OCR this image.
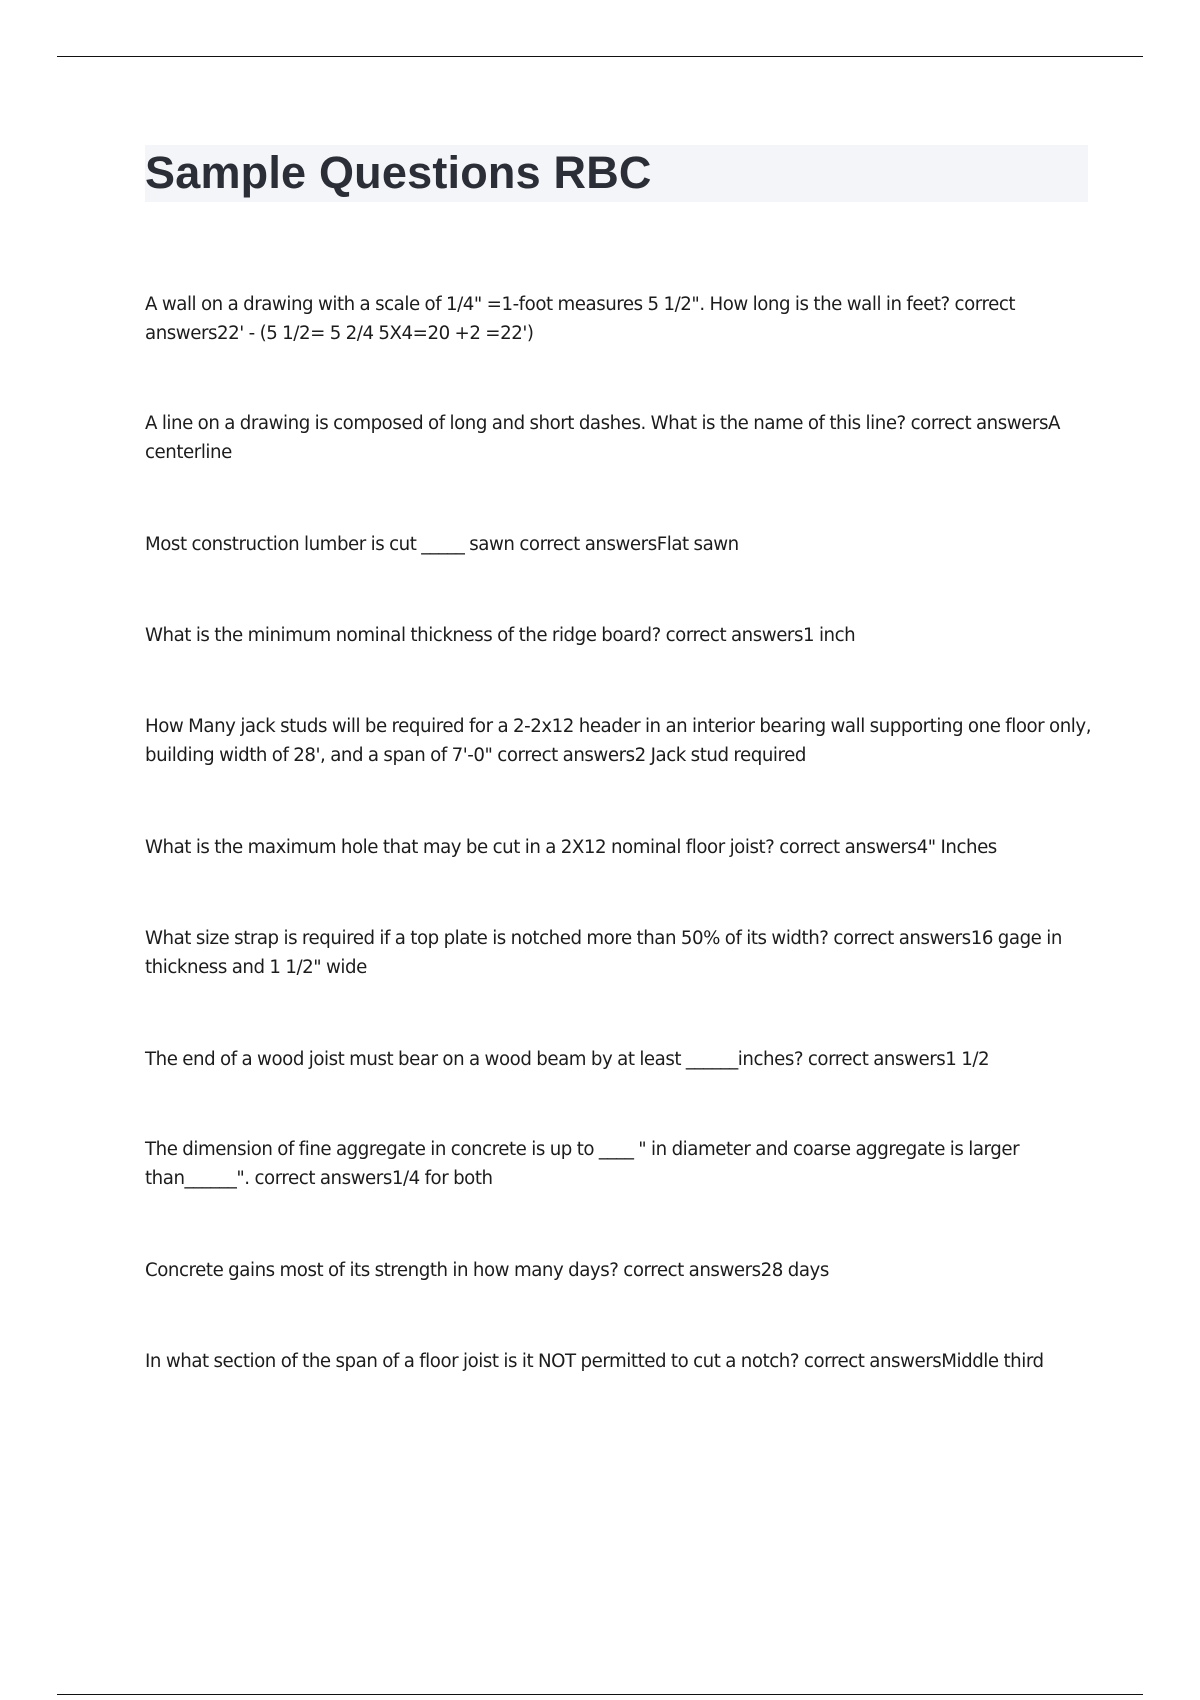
Sample Questions RBC
A wall on a drawing with a scale of 1/4" =1-foot measures 5 1/2". How long is the wall in feet? correct answers22' - (5 1/2= 5 2/4 5X4=20 +2 =22')
A line on a drawing is composed of long and short dashes. What is the name of this line? correct answersA centerline
Most construction lumber is cut _____ sawn correct answersFlat sawn
What is the minimum nominal thickness of the ridge board? correct answers1 inch
How Many jack studs will be required for a 2-2x12 header in an interior bearing wall supporting one floor only, building width of 28', and a span of 7'-0" correct answers2 Jack stud required
What is the maximum hole that may be cut in a 2X12 nominal floor joist? correct answers4" Inches
What size strap is required if a top plate is notched more than 50% of its width? correct answers16 gage in thickness and 1 1/2" wide
The end of a wood joist must bear on a wood beam by at least ______inches? correct answers1 1/2
The dimension of fine aggregate in concrete is up to ____ " in diameter and coarse aggregate is larger than______". correct answers1/4 for both
Concrete gains most of its strength in how many days? correct answers28 days
In what section of the span of a floor joist is it NOT permitted to cut a notch? correct answersMiddle third
